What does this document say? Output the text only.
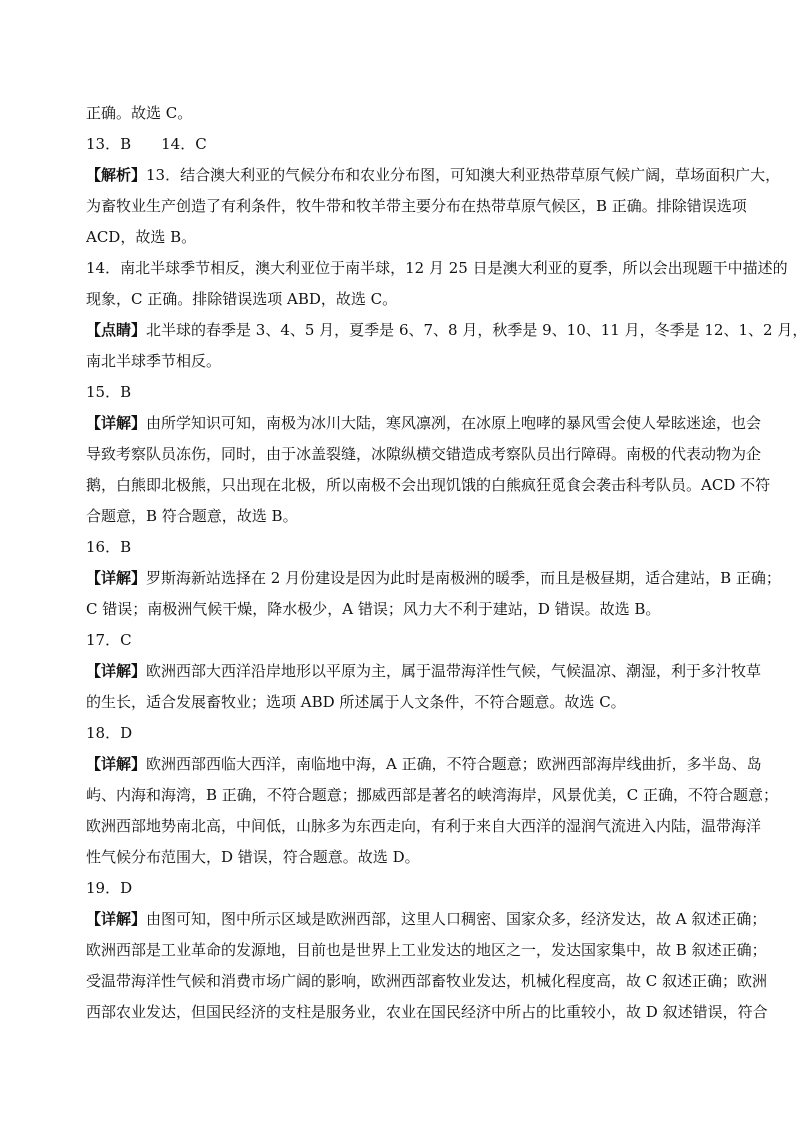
正确。故选 C。
13．B　　14．C
【解析】13．结合澳大利亚的气候分布和农业分布图，可知澳大利亚热带草原气候广阔，草场面积广大，
为畜牧业生产创造了有利条件，牧牛带和牧羊带主要分布在热带草原气候区，B 正确。排除错误选项
ACD，故选 B。
14．南北半球季节相反，澳大利亚位于南半球，12 月 25 日是澳大利亚的夏季，所以会出现题干中描述的
现象，C 正确。排除错误选项 ABD，故选 C。
【点睛】北半球的春季是 3、4、5 月，夏季是 6、7、8 月，秋季是 9、10、11 月，冬季是 12、1、2 月，
南北半球季节相反。
15．B
【详解】由所学知识可知，南极为冰川大陆，寒风凛冽，在冰原上咆哮的暴风雪会使人晕眩迷途，也会
导致考察队员冻伤，同时，由于冰盖裂缝，冰隙纵横交错造成考察队员出行障碍。南极的代表动物为企
鹅，白熊即北极熊，只出现在北极，所以南极不会出现饥饿的白熊疯狂觅食会袭击科考队员。ACD 不符
合题意，B 符合题意，故选 B。
16．B
【详解】罗斯海新站选择在 2 月份建设是因为此时是南极洲的暖季，而且是极昼期，适合建站，B 正确；
C 错误；南极洲气候干燥，降水极少，A 错误；风力大不利于建站，D 错误。故选 B。
17．C
【详解】欧洲西部大西洋沿岸地形以平原为主，属于温带海洋性气候，气候温凉、潮湿，利于多汁牧草
的生长，适合发展畜牧业；选项 ABD 所述属于人文条件，不符合题意。故选 C。
18．D
【详解】欧洲西部西临大西洋，南临地中海，A 正确，不符合题意；欧洲西部海岸线曲折，多半岛、岛
屿、内海和海湾，B 正确，不符合题意；挪威西部是著名的峡湾海岸，风景优美，C 正确，不符合题意；
欧洲西部地势南北高，中间低，山脉多为东西走向，有利于来自大西洋的湿润气流进入内陆，温带海洋
性气候分布范围大，D 错误，符合题意。故选 D。
19．D
【详解】由图可知，图中所示区域是欧洲西部，这里人口稠密、国家众多，经济发达，故 A 叙述正确；
欧洲西部是工业革命的发源地，目前也是世界上工业发达的地区之一，发达国家集中，故 B 叙述正确；
受温带海洋性气候和消费市场广阔的影响，欧洲西部畜牧业发达，机械化程度高，故 C 叙述正确；欧洲
西部农业发达，但国民经济的支柱是服务业，农业在国民经济中所占的比重较小，故 D 叙述错误，符合
